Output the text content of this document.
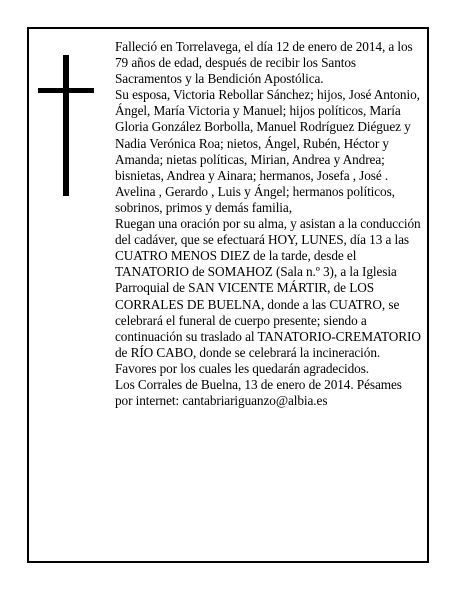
Falleció en Torrelavega, el día 12 de enero de 2014, a los 79 años de edad, después de recibir los Santos Sacramentos y la Bendición Apostólica.

Su esposa, Victoria Rebollar Sánchez; hijos, José Antonio, Ángel, María Victoria y Manuel; hijos políticos, María Gloria González Borbolla, Manuel Rodríguez Diéguez y Nadia Verónica Roa; nietos, Ángel, Rubén, Héctor y Amanda; nietas políticas, Mirian, Andrea y Andrea; bisnietas, Andrea y Ainara; hermanos, Josefa , José . Avelina , Gerardo , Luis y Ángel; hermanos políticos, sobrinos, primos y demás familia,

Ruegan una oración por su alma, y asistan a la conducción del cadáver, que se efectuará HOY, LUNES, día 13 a las CUATRO MENOS DIEZ de la tarde, desde el TANATORIO de SOMAHOZ (Sala n.º 3), a la Iglesia Parroquial de SAN VICENTE MÁRTIR, de LOS CORRALES DE BUELNA, donde a las CUATRO, se celebrará el funeral de cuerpo presente; siendo a continuación su traslado al TANATORIO-CREMATORIO de RÍO CABO, donde se celebrará la incineración. Favores por los cuales les quedarán agradecidos.

Los Corrales de Buelna, 13 de enero de 2014. Pésames por internet: cantabriariguanzo@albia.es
